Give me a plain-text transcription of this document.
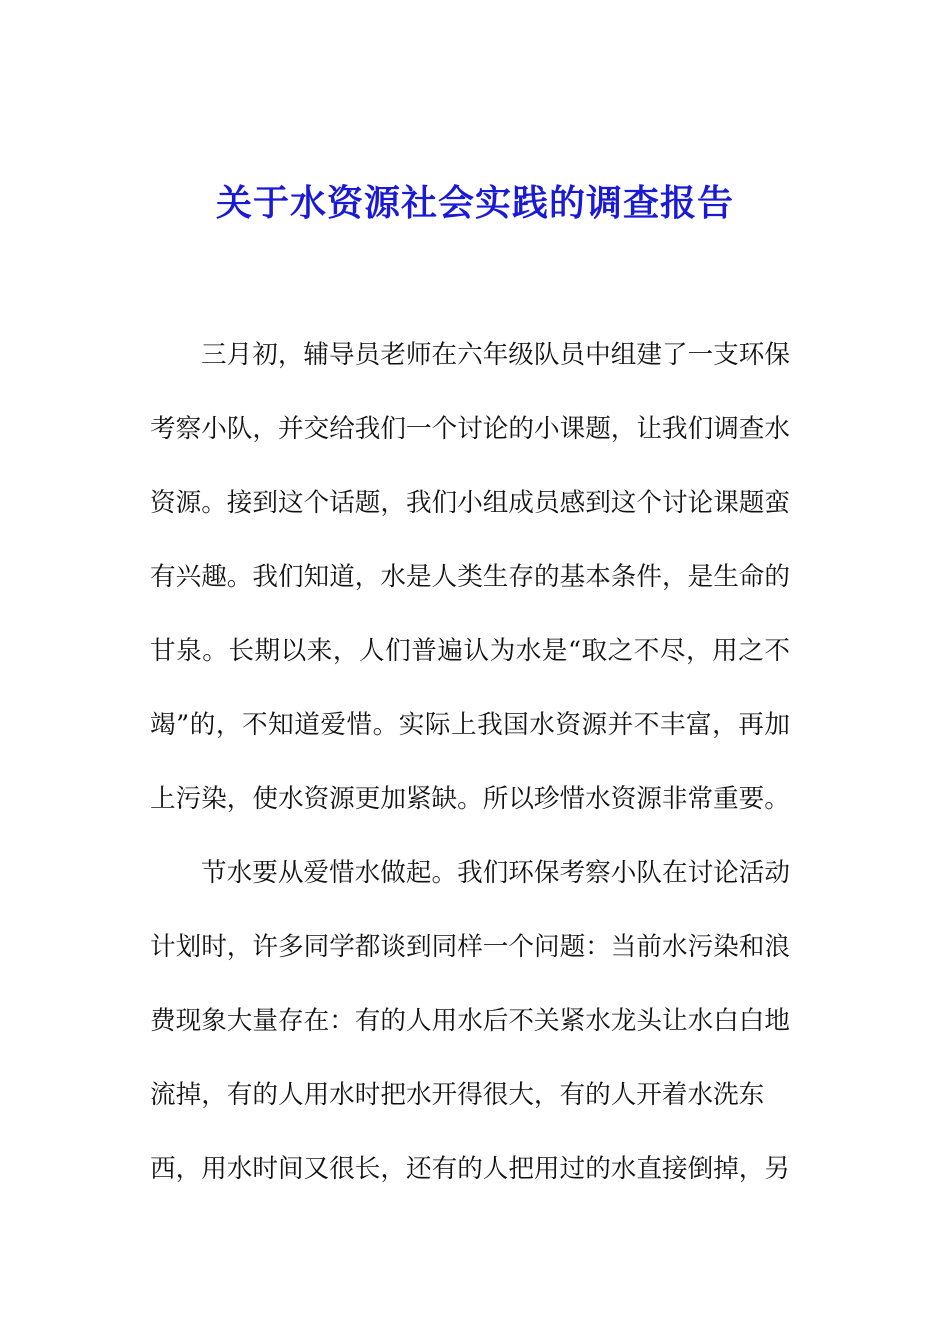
关于水资源社会实践的调查报告

三月初，辅导员老师在六年级队员中组建了一支环保

考察小队，并交给我们一个讨论的小课题，让我们调查水

资源。接到这个话题，我们小组成员感到这个讨论课题蛮

有兴趣。我们知道，水是人类生存的基本条件，是生命的

甘泉。长期以来，人们普遍认为水是“取之不尽，用之不

竭”的，不知道爱惜。实际上我国水资源并不丰富，再加

上污染，使水资源更加紧缺。所以珍惜水资源非常重要。

节水要从爱惜水做起。我们环保考察小队在讨论活动

计划时，许多同学都谈到同样一个问题：当前水污染和浪

费现象大量存在：有的人用水后不关紧水龙头让水白白地

流掉，有的人用水时把水开得很大，有的人开着水洗东

西，用水时间又很长，还有的人把用过的水直接倒掉，另
